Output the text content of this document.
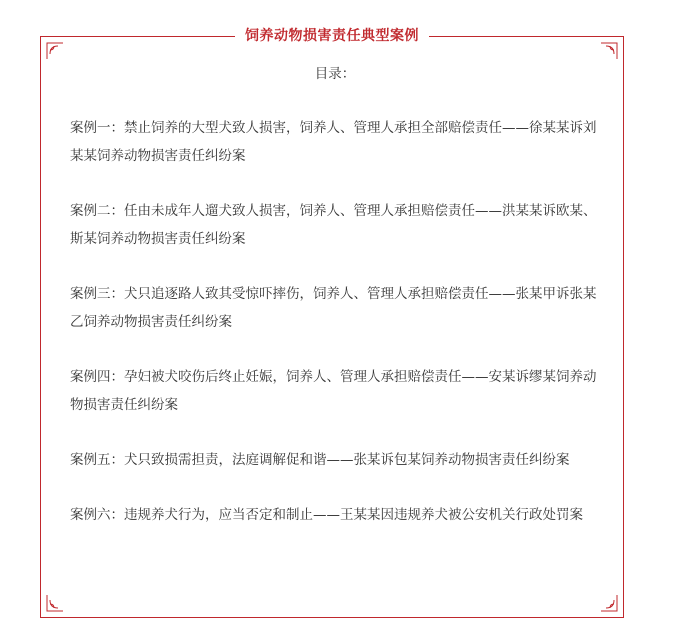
饲养动物损害责任典型案例
目录：
案例一：禁止饲养的大型犬致人损害，饲养人、管理人承担全部赔偿责任——徐某某诉刘某某饲养动物损害责任纠纷案
案例二：任由未成年人遛犬致人损害，饲养人、管理人承担赔偿责任——洪某某诉欧某、斯某饲养动物损害责任纠纷案
案例三：犬只追逐路人致其受惊吓摔伤，饲养人、管理人承担赔偿责任——张某甲诉张某乙饲养动物损害责任纠纷案
案例四：孕妇被犬咬伤后终止妊娠，饲养人、管理人承担赔偿责任——安某诉缪某饲养动物损害责任纠纷案
案例五：犬只致损需担责，法庭调解促和谐——张某诉包某饲养动物损害责任纠纷案
案例六：违规养犬行为，应当否定和制止——王某某因违规养犬被公安机关行政处罚案
